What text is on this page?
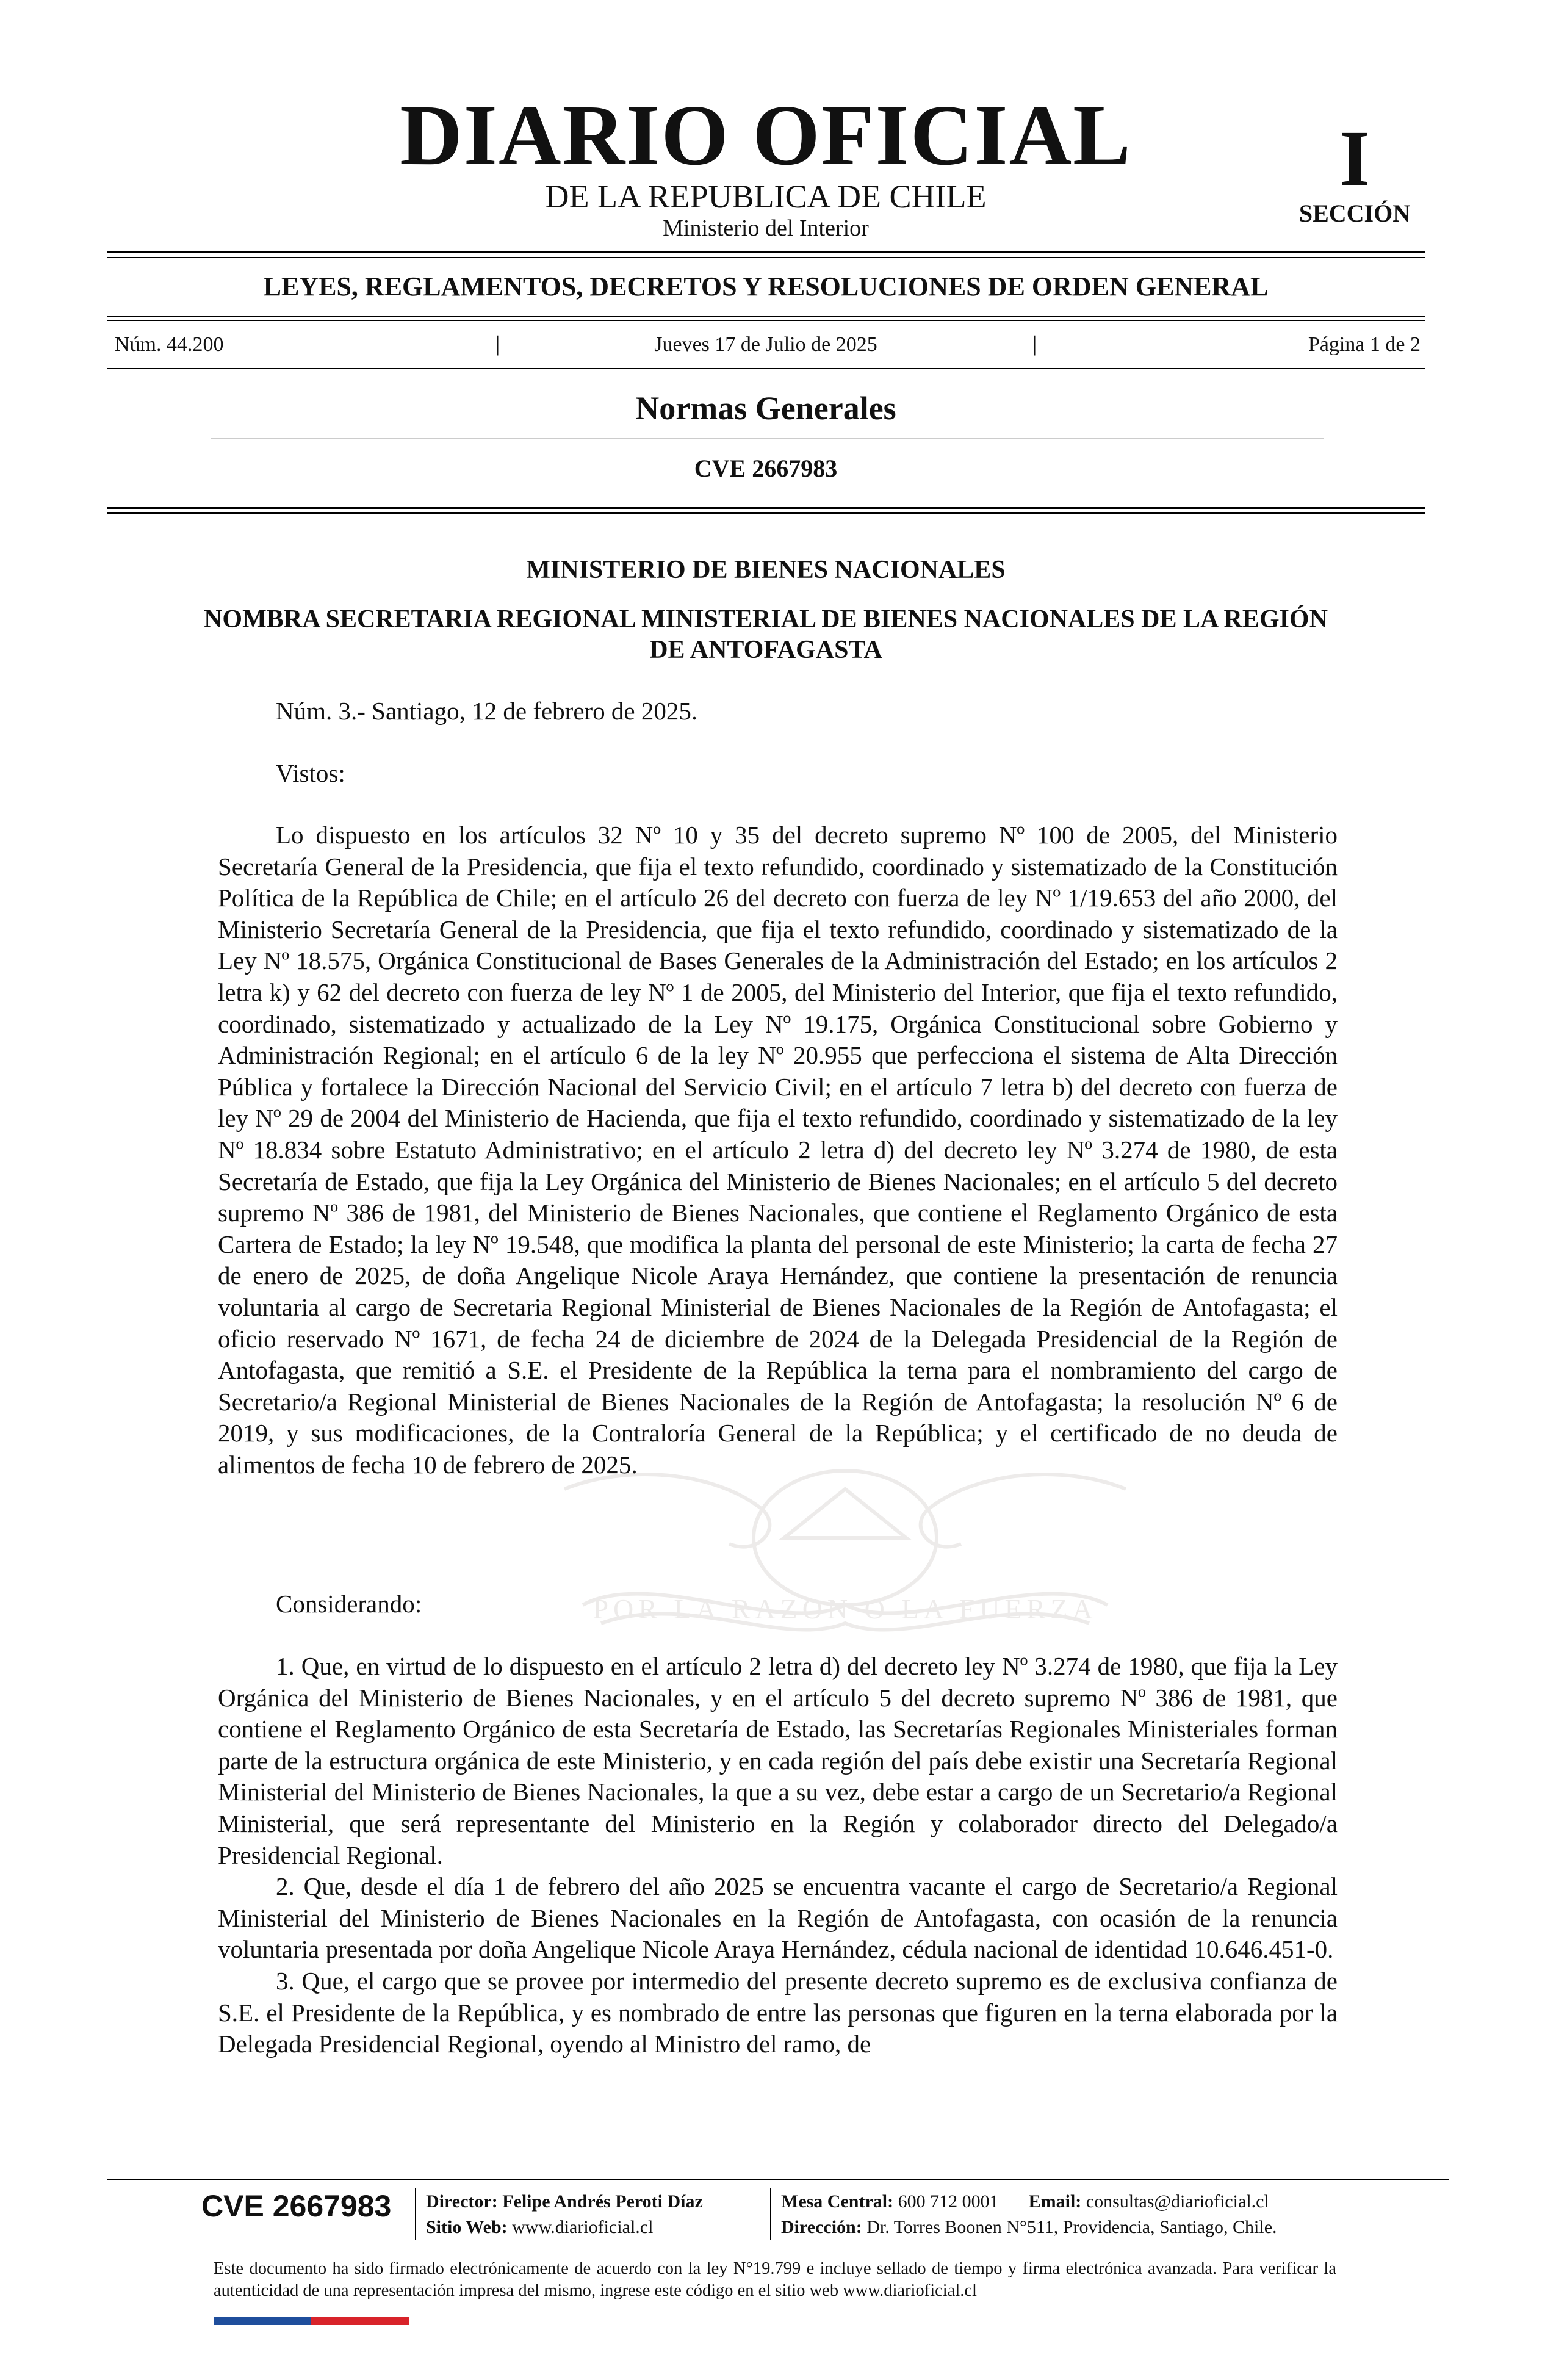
DIARIO OFICIAL
DE LA REPUBLICA DE CHILE
Ministerio del Interior
I
SECCIÓN
LEYES, REGLAMENTOS, DECRETOS Y RESOLUCIONES DE ORDEN GENERAL
Núm. 44.200	|	Jueves 17 de Julio de 2025	|	Página 1 de 2
Normas Generales
CVE 2667983
MINISTERIO DE BIENES NACIONALES
NOMBRA SECRETARIA REGIONAL MINISTERIAL DE BIENES NACIONALES DE LA REGIÓN DE ANTOFAGASTA

Núm. 3.- Santiago, 12 de febrero de 2025.

Vistos:

POR LA RAZON O LA FUERZA

Lo dispuesto en los artículos 32 Nº 10 y 35 del decreto supremo Nº 100 de 2005, del Ministerio Secretaría General de la Presidencia, que fija el texto refundido, coordinado y sistematizado de la Constitución Política de la República de Chile; en el artículo 26 del decreto con fuerza de ley Nº 1/19.653 del año 2000, del Ministerio Secretaría General de la Presidencia, que fija el texto refundido, coordinado y sistematizado de la Ley Nº 18.575, Orgánica Constitucional de Bases Generales de la Administración del Estado; en los artículos 2 letra k) y 62 del decreto con fuerza de ley Nº 1 de 2005, del Ministerio del Interior, que fija el texto refundido, coordinado, sistematizado y actualizado de la Ley Nº 19.175, Orgánica Constitucional sobre Gobierno y Administración Regional; en el artículo 6 de la ley Nº 20.955 que perfecciona el sistema de Alta Dirección Pública y fortalece la Dirección Nacional del Servicio Civil; en el artículo 7 letra b) del decreto con fuerza de ley Nº 29 de 2004 del Ministerio de Hacienda, que fija el texto refundido, coordinado y sistematizado de la ley Nº 18.834 sobre Estatuto Administrativo; en el artículo 2 letra d) del decreto ley Nº 3.274 de 1980, de esta Secretaría de Estado, que fija la Ley Orgánica del Ministerio de Bienes Nacionales; en el artículo 5 del decreto supremo Nº 386 de 1981, del Ministerio de Bienes Nacionales, que contiene el Reglamento Orgánico de esta Cartera de Estado; la ley Nº 19.548, que modifica la planta del personal de este Ministerio; la carta de fecha 27 de enero de 2025, de doña Angelique Nicole Araya Hernández, que contiene la presentación de renuncia voluntaria al cargo de Secretaria Regional Ministerial de Bienes Nacionales de la Región de Antofagasta; el oficio reservado Nº 1671, de fecha 24 de diciembre de 2024 de la Delegada Presidencial de la Región de Antofagasta, que remitió a S.E. el Presidente de la República la terna para el nombramiento del cargo de Secretario/a Regional Ministerial de Bienes Nacionales de la Región de Antofagasta; la resolución Nº 6 de 2019, y sus modificaciones, de la Contraloría General de la República; y el certificado de no deuda de alimentos de fecha 10 de febrero de 2025.

Considerando:

1. Que, en virtud de lo dispuesto en el artículo 2 letra d) del decreto ley Nº 3.274 de 1980, que fija la Ley Orgánica del Ministerio de Bienes Nacionales, y en el artículo 5 del decreto supremo Nº 386 de 1981, que contiene el Reglamento Orgánico de esta Secretaría de Estado, las Secretarías Regionales Ministeriales forman parte de la estructura orgánica de este Ministerio, y en cada región del país debe existir una Secretaría Regional Ministerial del Ministerio de Bienes Nacionales, la que a su vez, debe estar a cargo de un Secretario/a Regional Ministerial, que será representante del Ministerio en la Región y colaborador directo del Delegado/a Presidencial Regional.

2. Que, desde el día 1 de febrero del año 2025 se encuentra vacante el cargo de Secretario/a Regional Ministerial del Ministerio de Bienes Nacionales en la Región de Antofagasta, con ocasión de la renuncia voluntaria presentada por doña Angelique Nicole Araya Hernández, cédula nacional de identidad 10.646.451-0.

3. Que, el cargo que se provee por intermedio del presente decreto supremo es de exclusiva confianza de S.E. el Presidente de la República, y es nombrado de entre las personas que figuren en la terna elaborada por la Delegada Presidencial Regional, oyendo al Ministro del ramo, de

CVE 2667983 Director: Felipe Andrés Peroti Díaz
Sitio Web: www.diarioficial.cl
Mesa Central: 600 712 0001 Email: consultas@diarioficial.cl
Dirección: Dr. Torres Boonen N°511, Providencia, Santiago, Chile.
Este documento ha sido firmado electrónicamente de acuerdo con la ley N°19.799 e incluye sellado de tiempo y firma electrónica avanzada. Para verificar la autenticidad de una representación impresa del mismo, ingrese este código en el sitio web www.diarioficial.cl
